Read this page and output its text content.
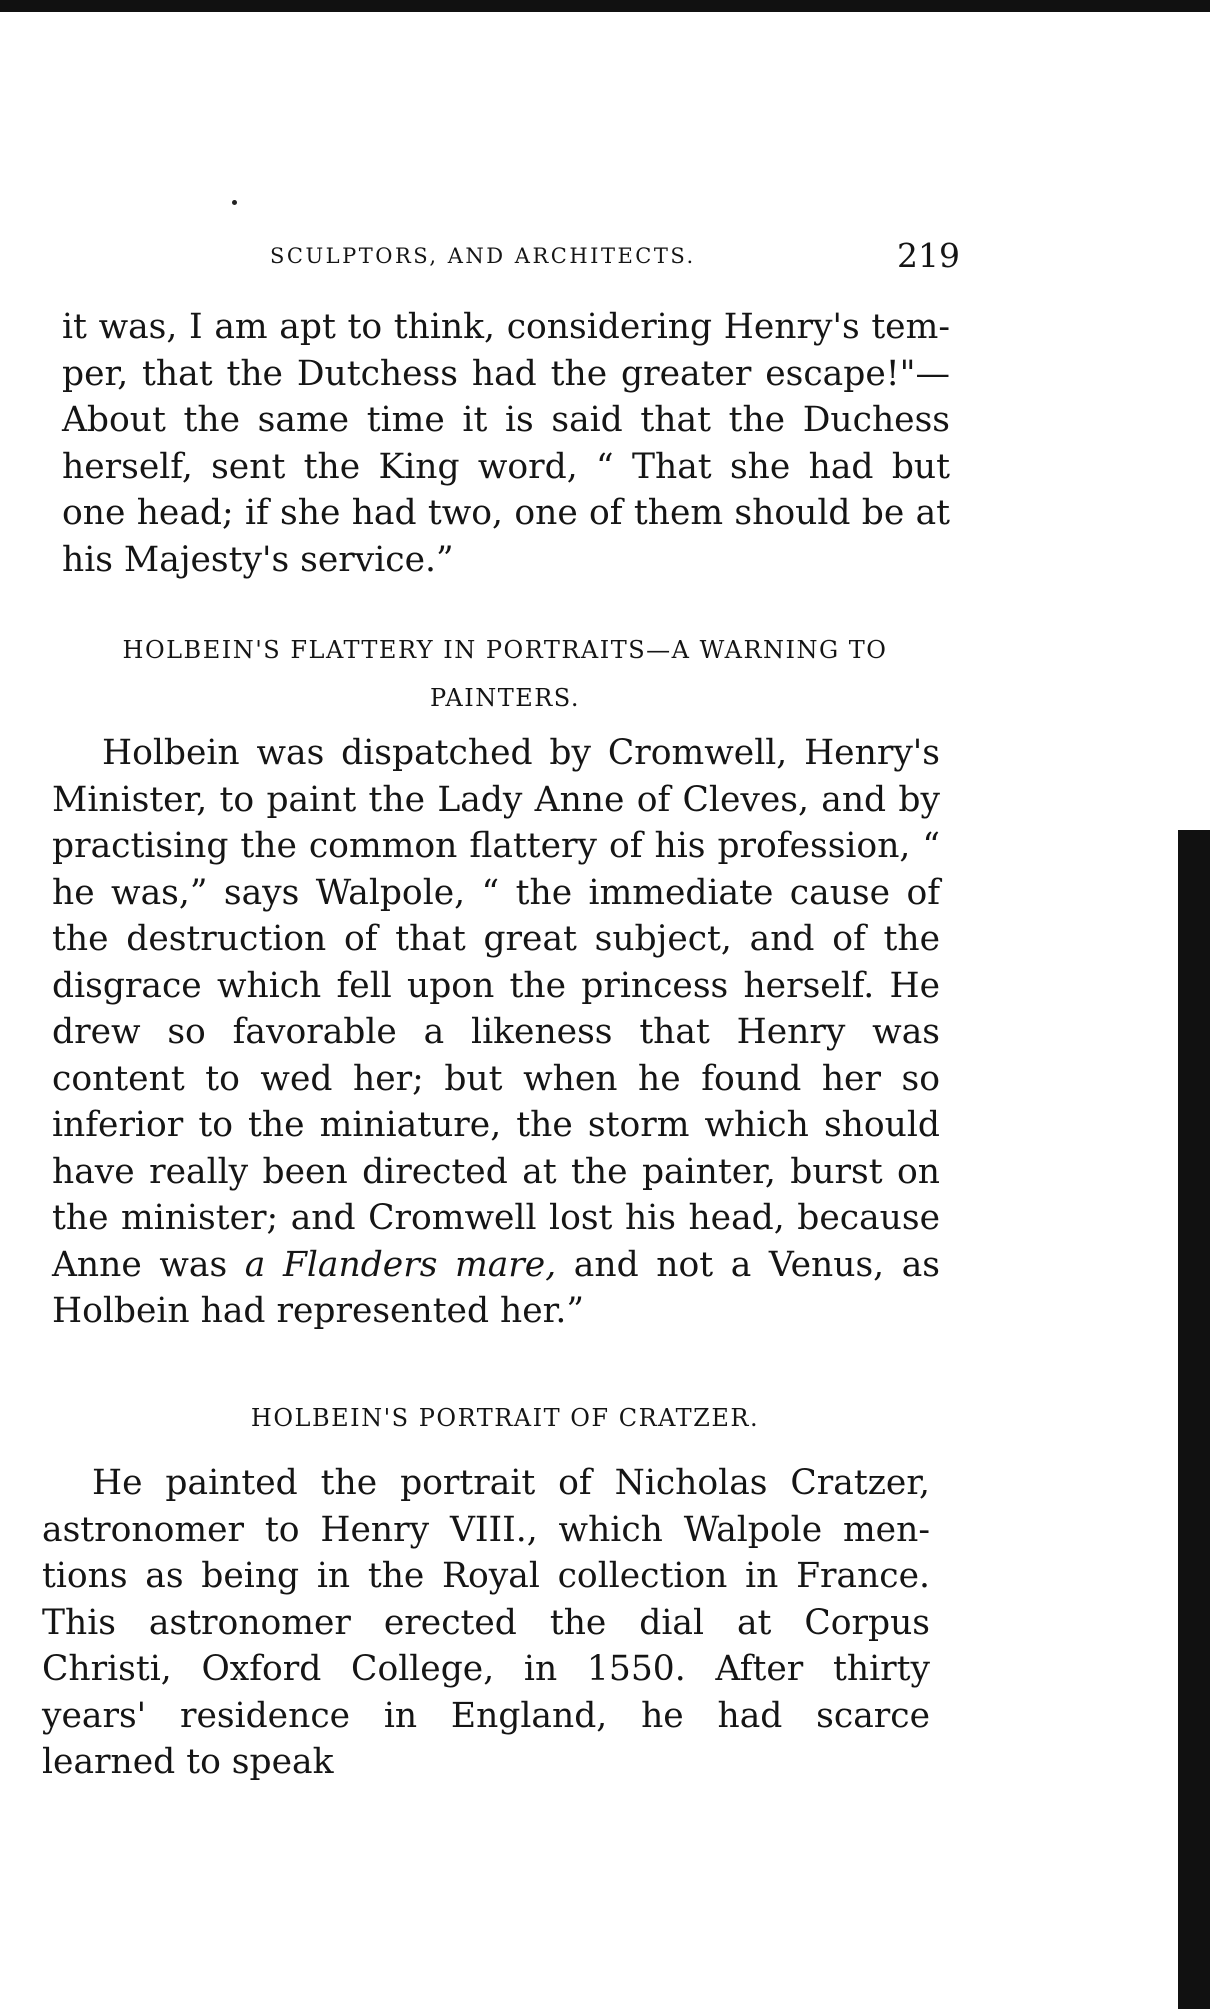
SCULPTORS, AND ARCHITECTS.	219

it was, I am apt to think, considering Henry's temper, that the Dutchess had the greater escape!"— About the same time it is said that the Duchess herself, sent the King word, “ That she had but one head; if she had two, one of them should be at his Majesty's service.”

HOLBEIN'S FLATTERY IN PORTRAITS—A WARNING TO PAINTERS.

Holbein was dispatched by Cromwell, Henry's Minister, to paint the Lady Anne of Cleves, and by practising the common flattery of his profession, “ he was,” says Walpole, “ the immediate cause of the destruction of that great subject, and of the disgrace which fell upon the princess herself. He drew so favorable a likeness that Henry was content to wed her; but when he found her so inferior to the miniature, the storm which should have really been directed at the painter, burst on the minister; and Cromwell lost his head, because Anne was a Flanders mare, and not a Venus, as Holbein had represented her.”

HOLBEIN'S PORTRAIT OF CRATZER.

He painted the portrait of Nicholas Cratzer, astronomer to Henry VIII., which Walpole mentions as being in the Royal collection in France. This astronomer erected the dial at Corpus Christi, Oxford College, in 1550. After thirty years' residence in England, he had scarce learned to speak
